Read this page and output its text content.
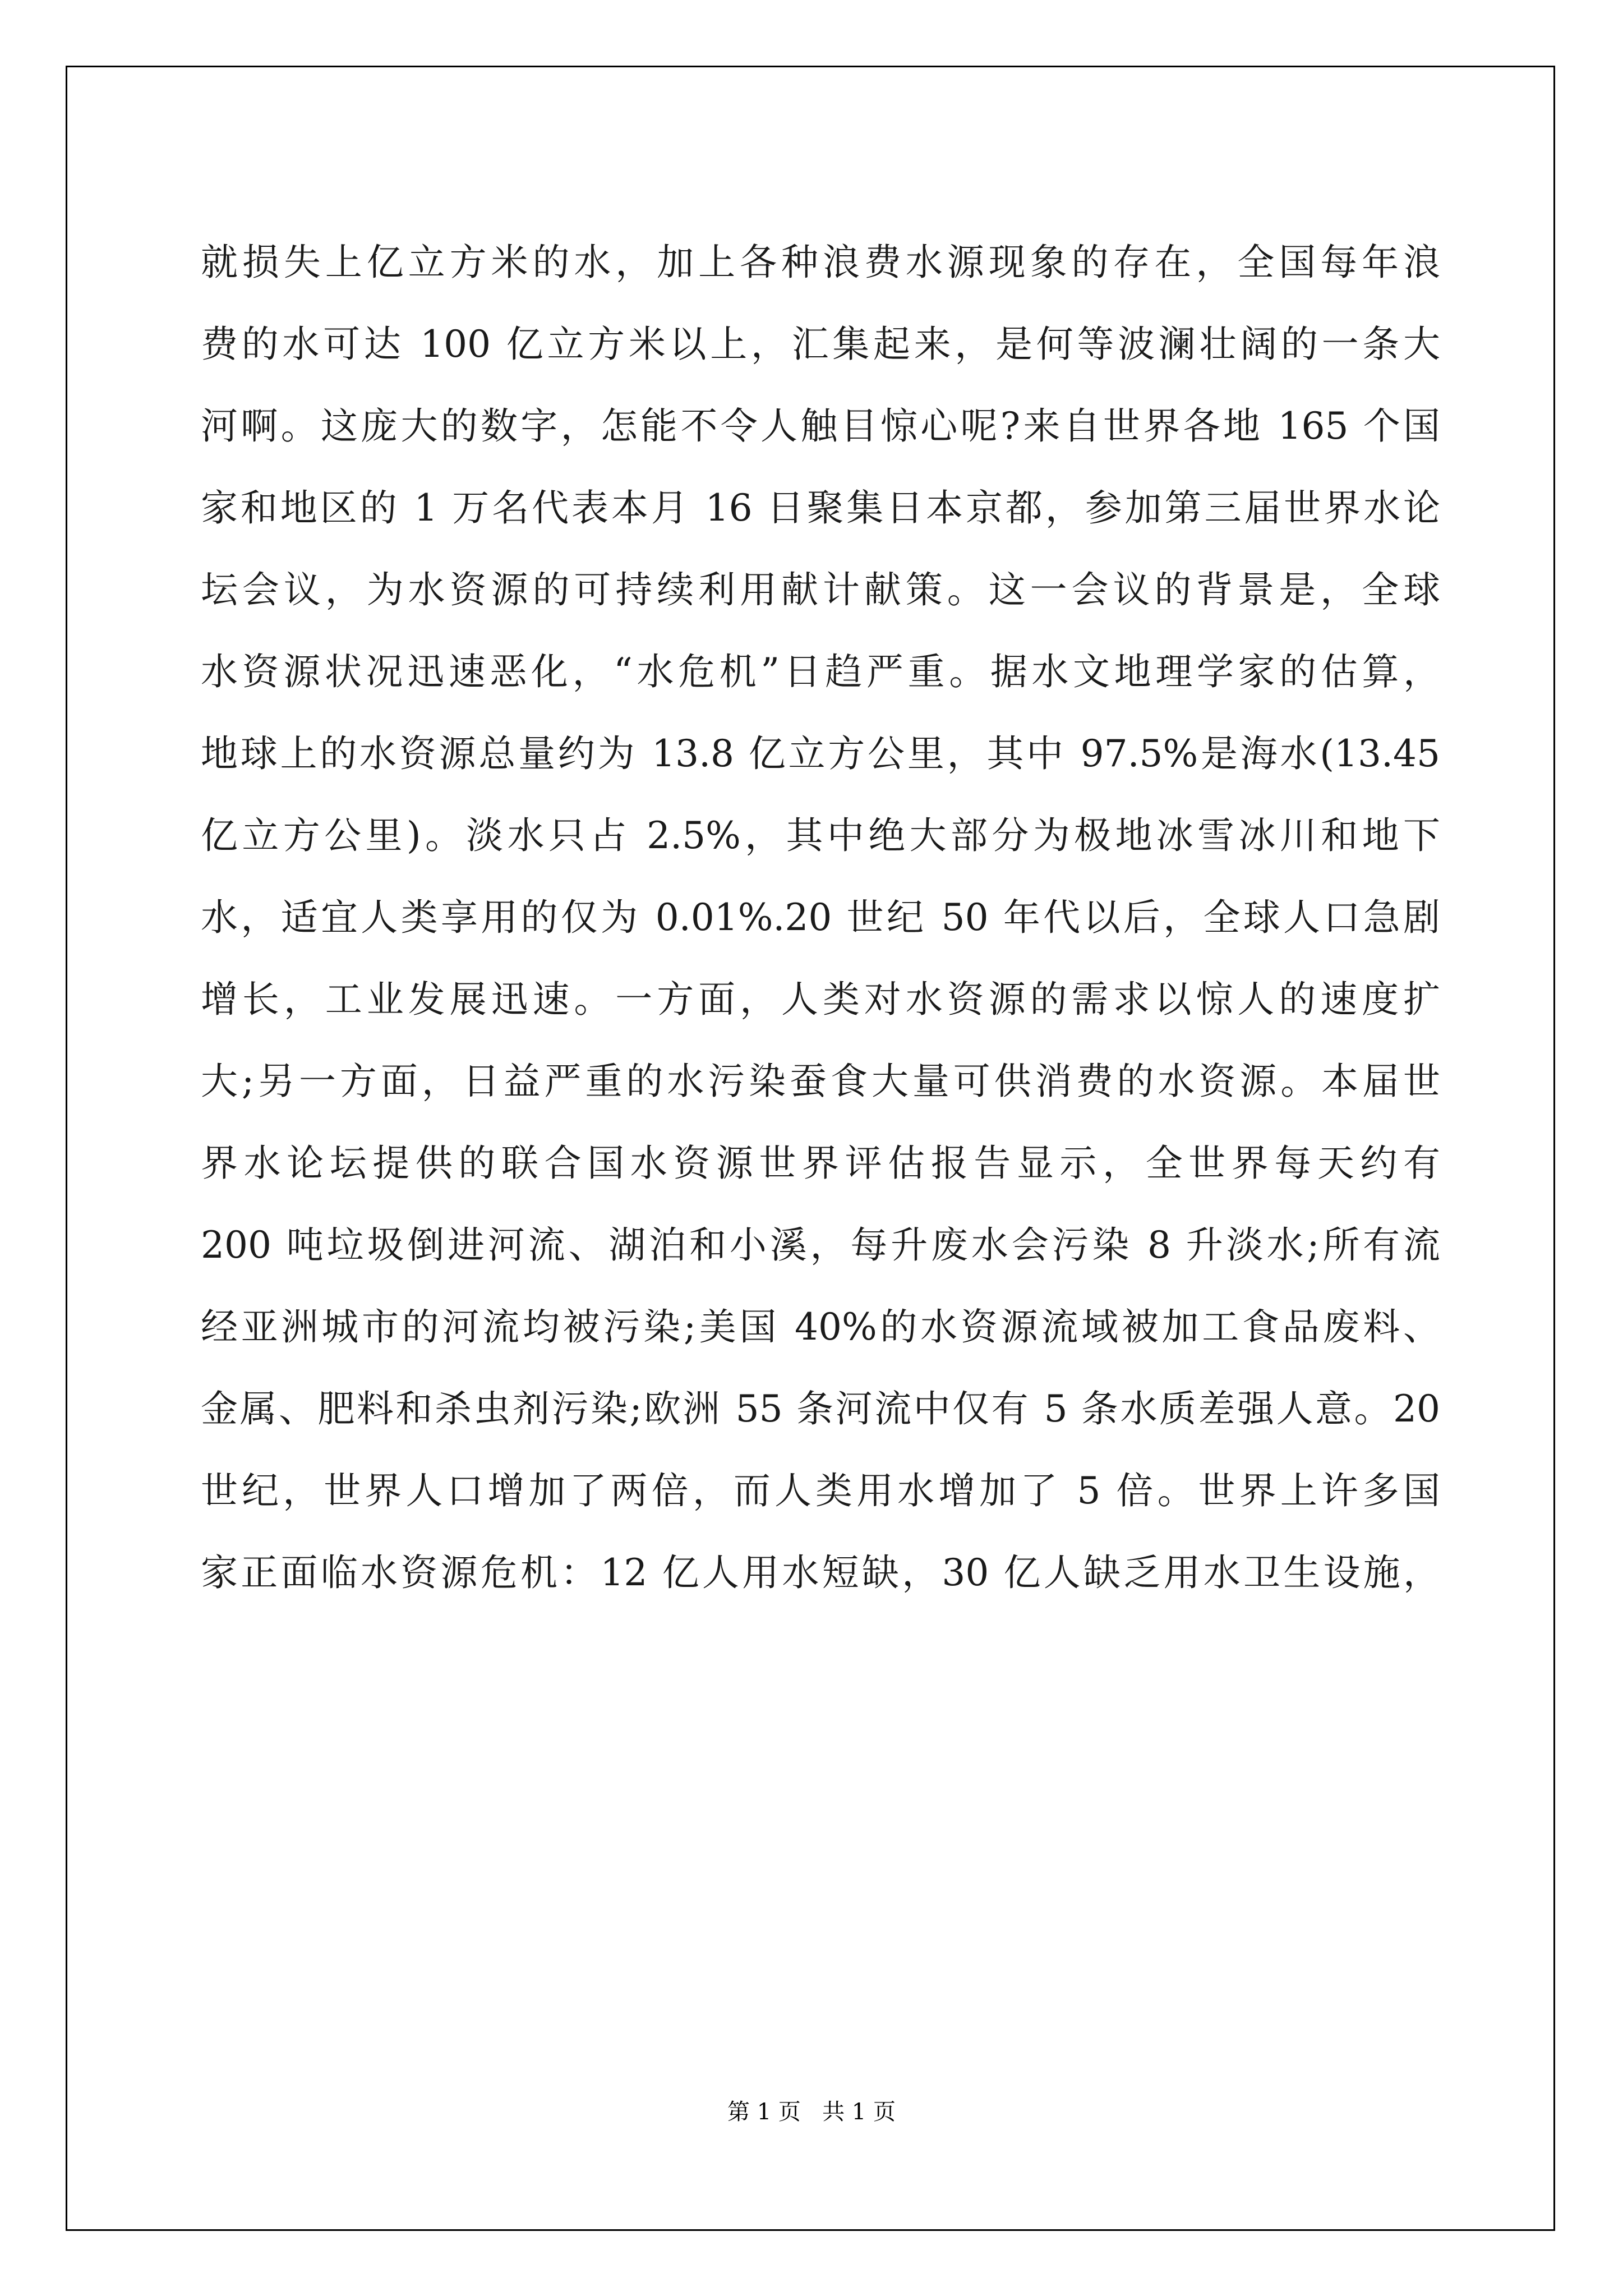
就损失上亿立方米的水，加上各种浪费水源现象的存在，全国每年浪
费的水可达 100 亿立方米以上，汇集起来，是何等波澜壮阔的一条大
河啊。这庞大的数字，怎能不令人触目惊心呢?来自世界各地 165 个国
家和地区的 1 万名代表本月 16 日聚集日本京都，参加第三届世界水论
坛会议，为水资源的可持续利用献计献策。这一会议的背景是，全球
水资源状况迅速恶化，“水危机”日趋严重。据水文地理学家的估算，
地球上的水资源总量约为 13.8 亿立方公里，其中 97.5%是海水(13.45
亿立方公里)。淡水只占 2.5%，其中绝大部分为极地冰雪冰川和地下
水，适宜人类享用的仅为 0.01%.20 世纪 50 年代以后，全球人口急剧
增长，工业发展迅速。一方面，人类对水资源的需求以惊人的速度扩
大;另一方面，日益严重的水污染蚕食大量可供消费的水资源。本届世
界水论坛提供的联合国水资源世界评估报告显示，全世界每天约有
200 吨垃圾倒进河流、湖泊和小溪，每升废水会污染 8 升淡水;所有流
经亚洲城市的河流均被污染;美国 40%的水资源流域被加工食品废料、
金属、肥料和杀虫剂污染;欧洲 55 条河流中仅有 5 条水质差强人意。20
世纪，世界人口增加了两倍，而人类用水增加了 5 倍。世界上许多国
家正面临水资源危机：12 亿人用水短缺，30 亿人缺乏用水卫生设施，
第 1 页   共 1 页
